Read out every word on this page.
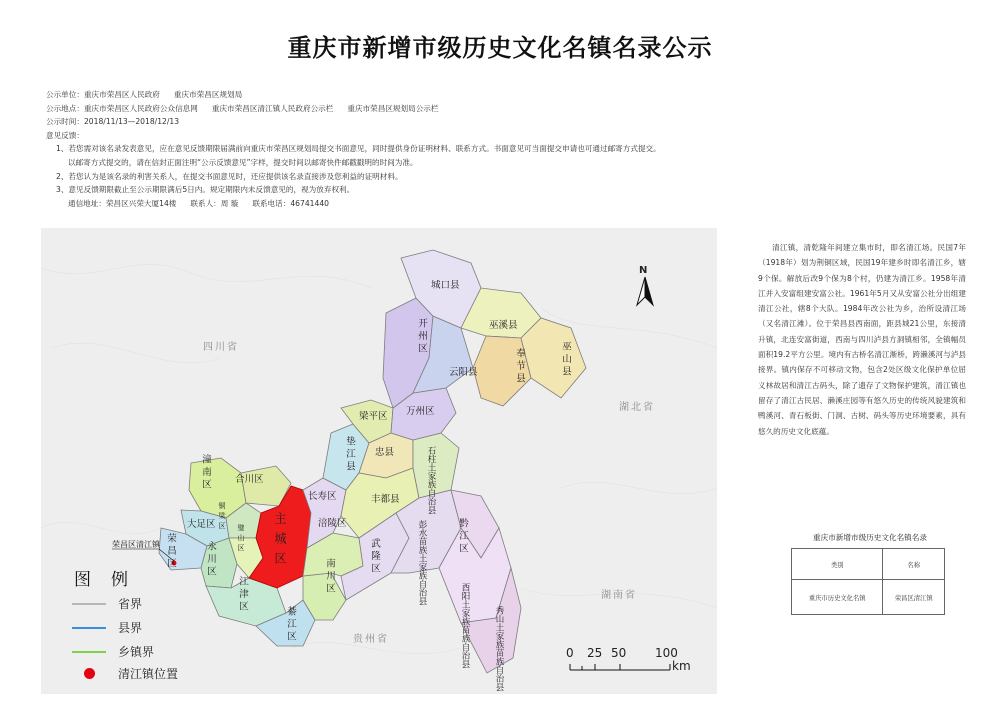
重庆市新增市级历史文化名镇名录公示
公示单位：重庆市荣昌区人民政府 重庆市荣昌区规划局
公示地点：重庆市荣昌区人民政府公众信息网 重庆市荣昌区清江镇人民政府公示栏 重庆市荣昌区规划局公示栏
公示时间：2018/11/13—2018/12/13
意见反馈：
1、若您需对该名录发表意见，应在意见反馈期限届满前向重庆市荣昌区规划局提交书面意见，同时提供身份证明材料、联系方式。书面意见可当面提交申请也可通过邮寄方式提交。
以邮寄方式提交的，请在信封正面注明“公示反馈意见”字样，提交时间以邮寄快件邮戳戳明的时间为准。
2、若您认为是该名录的利害关系人，在提交书面意见时，还应提供该名录直接涉及您利益的证明材料。
3、意见反馈期限截止至公示期限满后5日内。规定期限内未反馈意见的，视为放弃权利。
通信地址：荣昌区兴荣大厦14楼 联系人：周 璇 联系电话：46741440
四川省
湖北省
湖南省
贵州省
城口县
巫溪县
云阳县
万州区
梁平区
忠县
长寿区
涪陵区
合川区
大足区
丰都县
开州区
奉节县	巫山县
垫江县	石柱土家族自治县
潼南区
永川区
荣昌区	璧山区
铜梁区	主城区	武隆区	彭水苗族土家族自治县	黔江区
南川区
江津区
綦江区	酉阳土家族苗族自治县	秀山土家族苗族自治县
荣昌区清江镇
N
0 25 50 100
km
图例
省界
县界
乡镇界
清江镇位置
清江镇，清乾隆年间建立集市时，即名清江场。民国7年（1918年）划为荆铜区域，民国19年建乡时即名清江乡，辖9个保。解放后改9个保为8个村，仍建为清江乡。1958年清江并入安富组建安富公社。1961年5月又从安富公社分出组建清江公社，辖8个大队。1984年改公社为乡，治所设清江场（又名清江滩）。位于荣昌县西南面，距县城21公里，东接清升镇，北连安富街道，西南与四川泸县方洞镇相邻，全镇幅员面积19.2平方公里。境内有古桥名清江渐桥，跨濑溪河与泸县接界。镇内保存不可移动文物，包含2处区级文化保护单位屈义林故居和清江古码头，除了遗存了文物保护建筑，清江镇也留存了清江古民居、濑溪庄园等有悠久历史的传统风貌建筑和鸭溪河、青石板街、门洞、古树、码头等历史环境要素，具有悠久的历史文化底蕴。
重庆市新增市级历史文化名镇名录
类别	名称
重庆市历史文化名镇	荣昌区清江镇
